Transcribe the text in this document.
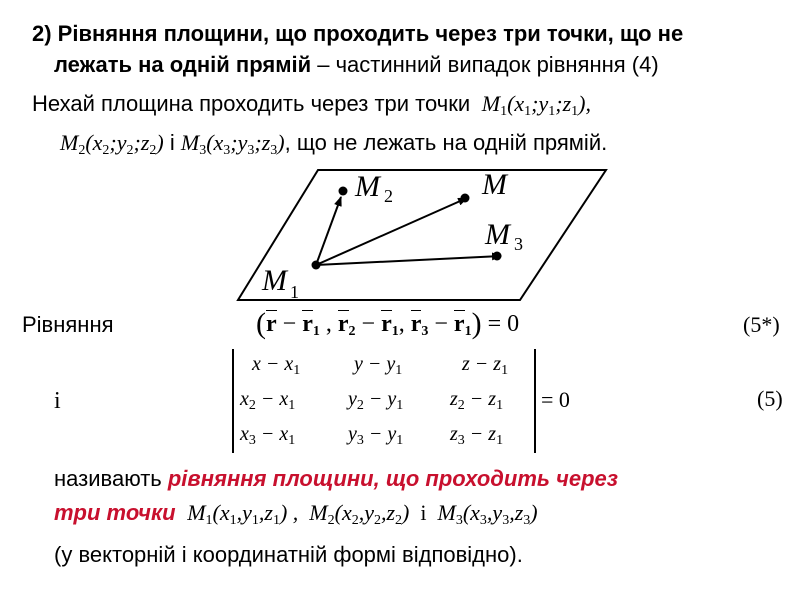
2) Рівняння площини, що проходить через три точки, що не
лежать на одній прямій – частинний випадок рівняння (4)
Нехай площина проходить через три точки  $M_1(x_1;y_1;z_1)$,
$M_2(x_2;y_2;z_2)$ і $M_3(x_3;y_3;z_3)$, що не лежать на одній прямій.
M $_2$	M
M $_3$
M $_1$
Рівняння	($r - r_1$ , $r_2 - r_1$, $r_3 - r_1) = 0$	(5*)
і
$x - x_1$	$y - y_1$	$z - z_1$
$x_2 - x_1$	$y_2 - y_1$ $z_2 - z_1$
$x_3 - x_1$	$y_3 - y_1$ $z_3 - z_1$
= 0	(5)
називають рівняння площини, що проходить через
три точки  $M_1(x_1,y_1,z_1)$ ,  $M_2(x_2,y_2,z_2)$  і  $M_3(x_3,y_3,z_3)$
(у векторній і координатній формі відповідно).
